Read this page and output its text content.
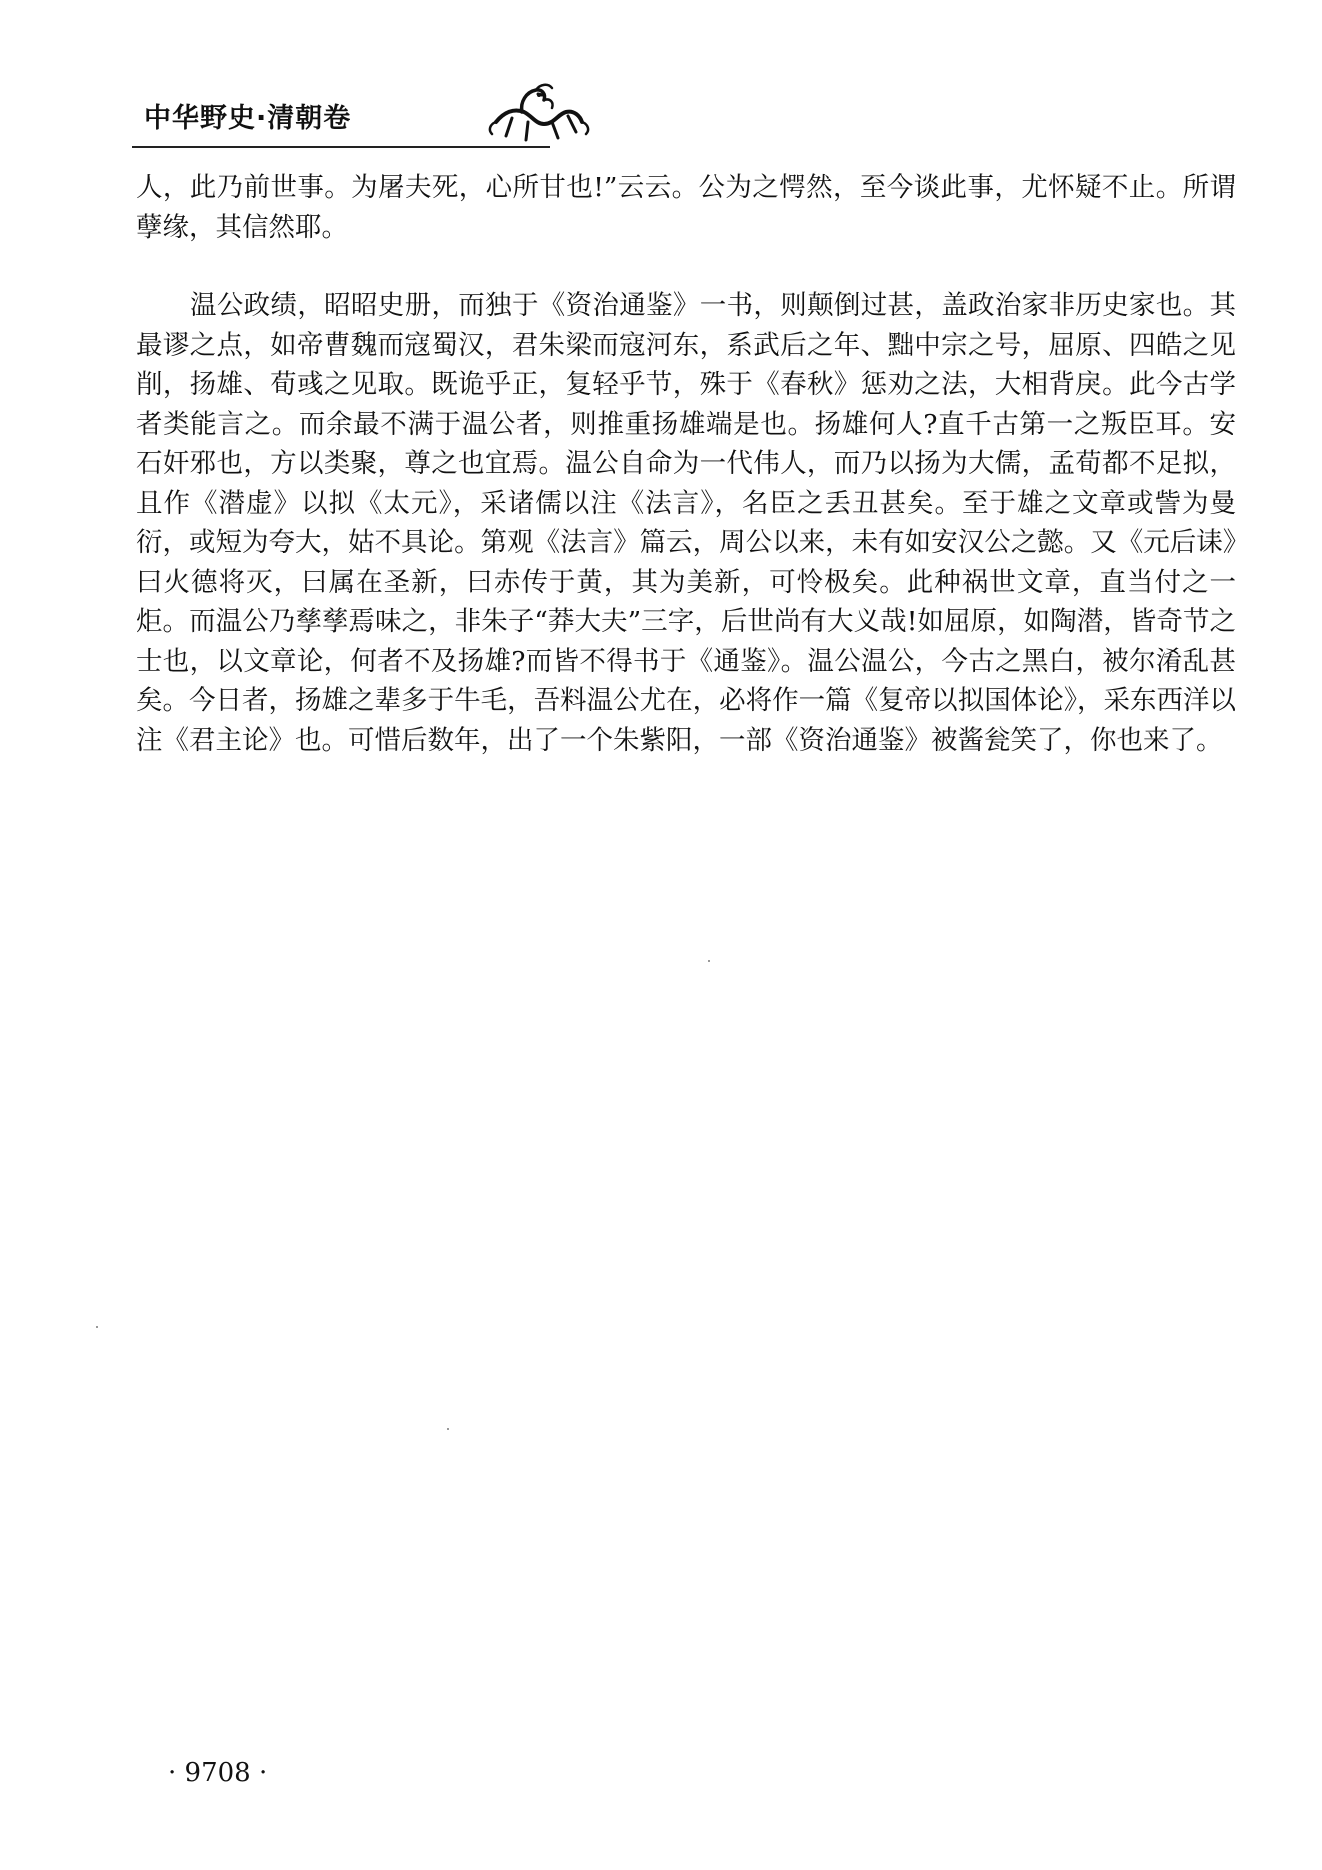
中华野史·清朝卷

人，此乃前世事。为屠夫死，心所甘也!”云云。公为之愕然，至今谈此事，尤怀疑不止。所谓孽缘，其信然耶。

温公政绩，昭昭史册，而独于《资治通鉴》一书，则颠倒过甚，盖政治家非历史家也。其最谬之点，如帝曹魏而寇蜀汉，君朱梁而寇河东，系武后之年、黜中宗之号，屈原、四皓之见削，扬雄、荀彧之见取。既诡乎正，复轻乎节，殊于《春秋》惩劝之法，大相背戾。此今古学者类能言之。而余最不满于温公者，则推重扬雄端是也。扬雄何人?直千古第一之叛臣耳。安石奸邪也，方以类聚，尊之也宜焉。温公自命为一代伟人，而乃以扬为大儒，孟荀都不足拟，且作《潜虚》以拟《太元》，采诸儒以注《法言》，名臣之丢丑甚矣。至于雄之文章或訾为曼衍，或短为夸大，姑不具论。第观《法言》篇云，周公以来，未有如安汉公之懿。又《元后诔》曰火德将灭，曰属在圣新，曰赤传于黄，其为美新，可怜极矣。此种祸世文章，直当付之一炬。而温公乃孳孳焉味之，非朱子“莽大夫”三字，后世尚有大义哉!如屈原，如陶潜，皆奇节之士也，以文章论，何者不及扬雄?而皆不得书于《通鉴》。温公温公，今古之黑白，被尔淆乱甚矣。今日者，扬雄之辈多于牛毛，吾料温公尤在，必将作一篇《复帝以拟国体论》，采东西洋以注《君主论》也。可惜后数年，出了一个朱紫阳，一部《资治通鉴》被酱瓮笑了，你也来了。

· 9708 ·
